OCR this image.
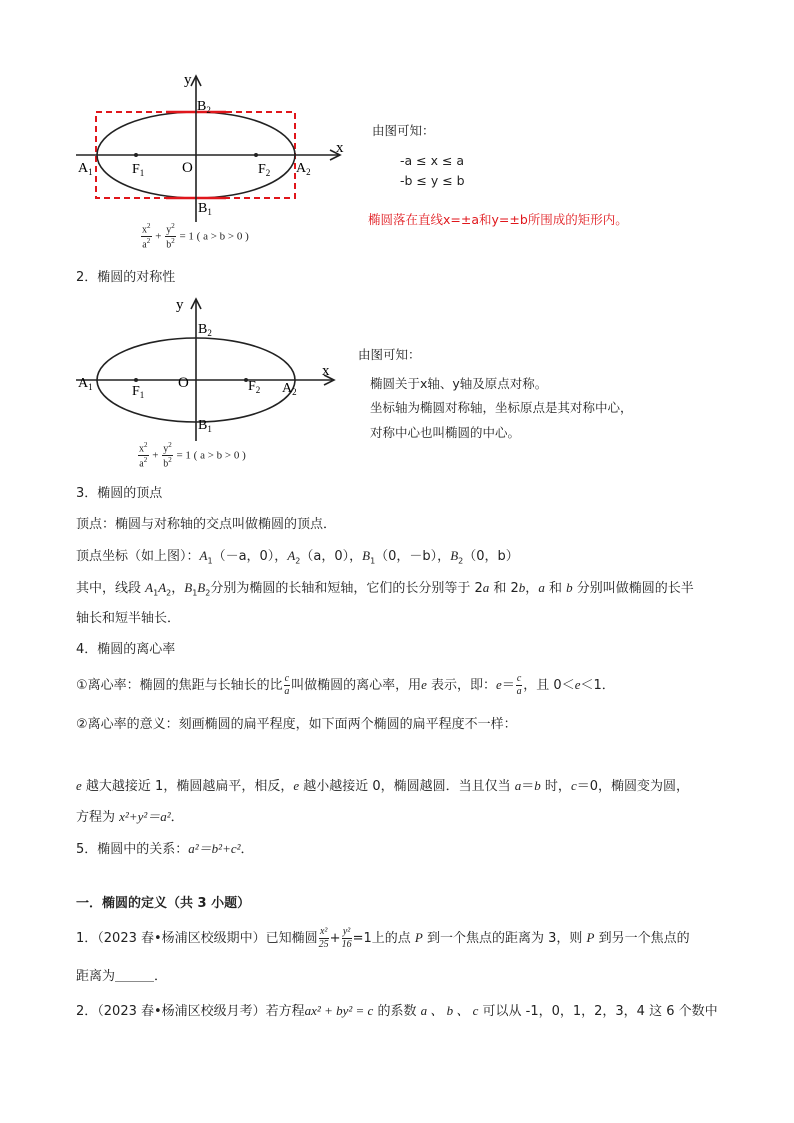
y
x
O
$A_1$	$A_2$
$B_2$
$B_1$
$F_1$	$F_2$
$\frac{x^2}{a^2} + \frac{y^2}{b^2} = 1$ ( a > b > 0 )
由图可知：
-a ≤ x ≤ a
-b ≤ y ≤ b
椭圆落在直线x=±a和y=±b所围成的矩形内。
2．椭圆的对称性
y
x
O
$A_1$	$A_2$
$B_2$
$B_1$
$F_1$
$F_2$
$\frac{x^2}{a^2} + \frac{y^2}{b^2} = 1$ ( a > b > 0 )
由图可知：
椭圆关于x轴、y轴及原点对称。
坐标轴为椭圆对称轴，坐标原点是其对称中心，
对称中心也叫椭圆的中心。
3．椭圆的顶点
顶点：椭圆与对称轴的交点叫做椭圆的顶点．
顶点坐标（如上图）：$A_1(-a$，0），$A_2(a$，0），$B_1(0$，－b），$B_2(0$，b）
其中，线段 $A_1A_2$，$B_1B_2$分别为椭圆的长轴和短轴，它们的长分别等于 2a 和 2b，a 和 b 分别叫做椭圆的长半
轴长和短半轴长．
4．椭圆的离心率
①离心率：椭圆的焦距与长轴长的比 $\frac{c}{a}$ 叫做椭圆的离心率，用e 表示，即：$e= \frac{c}{a}$ ，且 0＜e＜1．
②离心率的意义：刻画椭圆的扁平程度，如下面两个椭圆的扁平程度不一样：
e 越大越接近 1，椭圆越扁平，相反，e 越小越接近 0，椭圆越圆．当且仅当 a＝b 时，c＝0，椭圆变为圆，
方程为 x²+y²＝a²．
5．椭圆中的关系：a²＝b²+c²．
一．椭圆的定义（共 3 小题）
1．（2023 春•杨浦区校级期中）已知椭圆 $\frac{\text{x²}}{25} + \frac{\text{y²}}{16} =1$上的点 P 到一个焦点的距离为 3，则 P 到另一个焦点的
距离为＿＿＿．
2．（2023 春•杨浦区校级月考）若方程ax² + by² = c 的系数 a 、 b 、 c 可以从 -1，0，1，2，3，4 这 6 个数中
